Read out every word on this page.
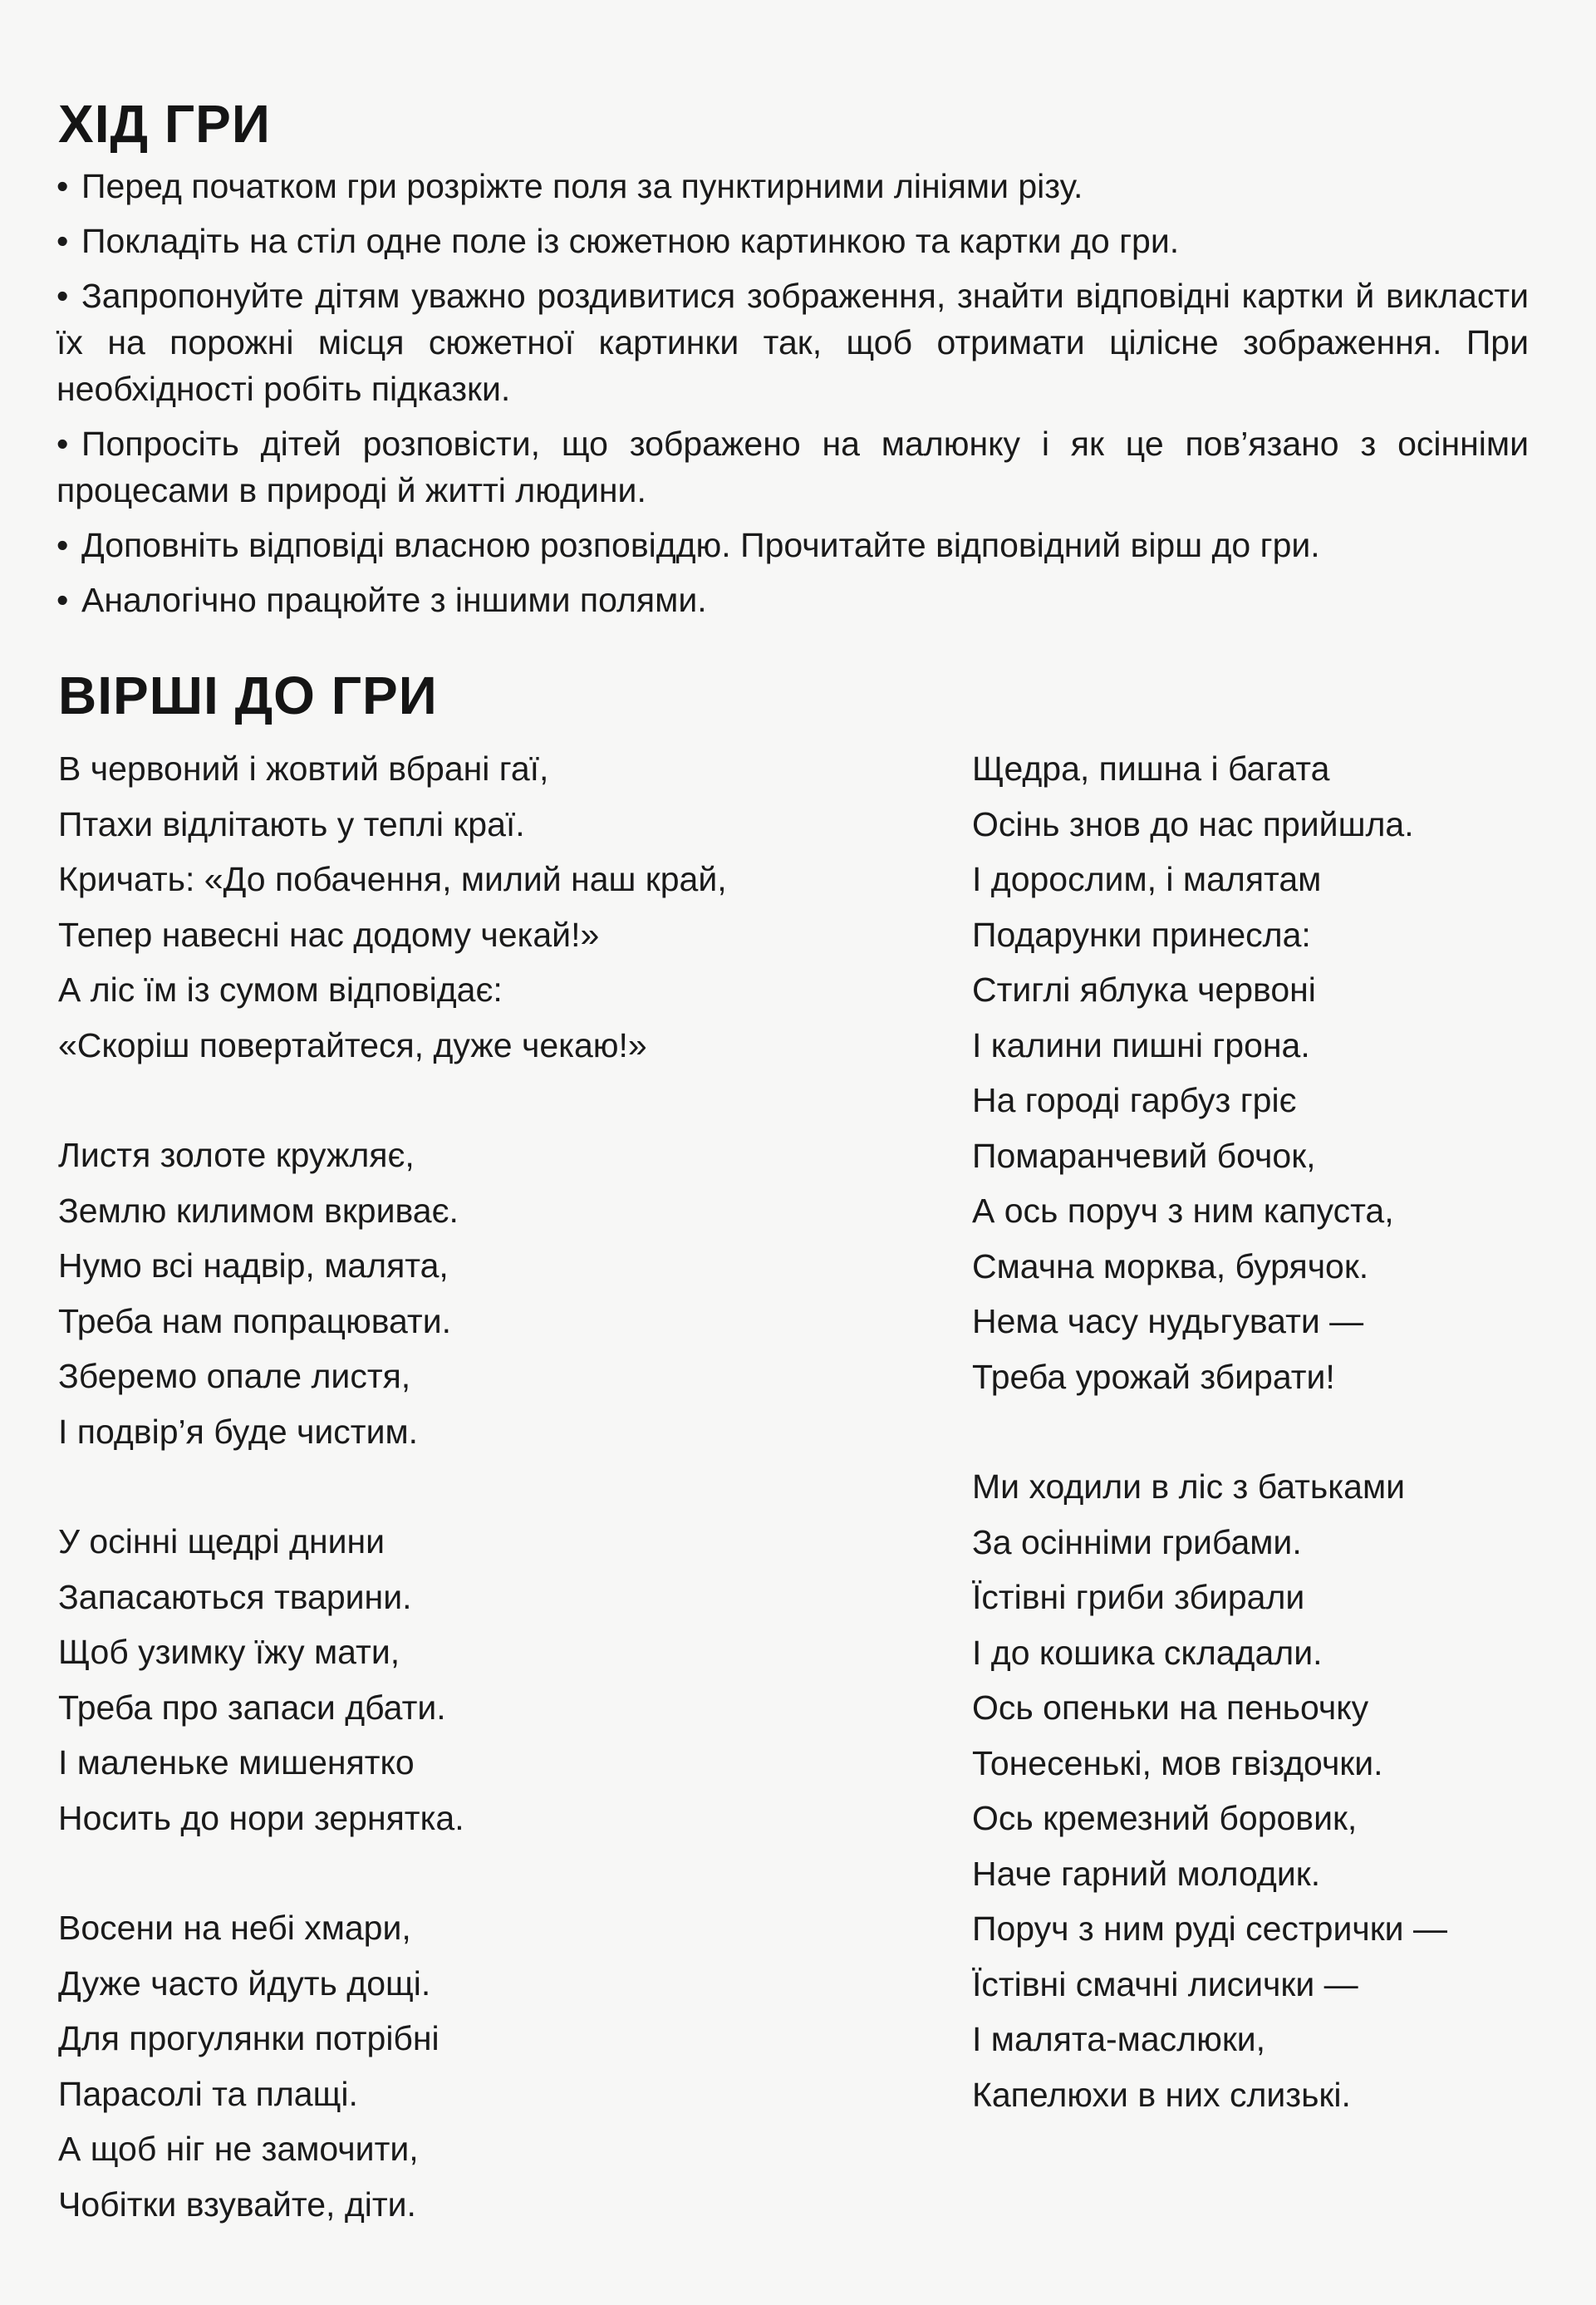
ХІД ГРИ

• Перед початком гри розріжте поля за пунктирними лініями різу.

• Покладіть на стіл одне поле із сюжетною картинкою та картки до гри.

• Запропонуйте дітям уважно роздивитися зображення, знайти відповідні картки й викласти їх на порожні місця сюжетної картинки так, щоб отримати цілісне зображення. При необхідності робіть підказки.

• Попросіть дітей розповісти, що зображено на малюнку і як це пов’язано з осінніми процесами в природі й житті людини.

• Доповніть відповіді власною розповіддю. Прочитайте відповідний вірш до гри.

• Аналогічно працюйте з іншими полями.

ВІРШІ ДО ГРИ
В червоний і жовтий вбрані гаї,
Птахи відлітають у теплі краї.
Кричать: «До побачення, милий наш край,
Тепер навесні нас додому чекай!»
А ліс їм із сумом відповідає:
«Скоріш повертайтеся, дуже чекаю!»
Листя золоте кружляє,
Землю килимом вкриває.
Нумо всі надвір, малята,
Треба нам попрацювати.
Зберемо опале листя,
І подвір’я буде чистим.
У осінні щедрі днини
Запасаються тварини.
Щоб узимку їжу мати,
Треба про запаси дбати.
І маленьке мишенятко
Носить до нори зернятка.
Восени на небі хмари,
Дуже часто йдуть дощі.
Для прогулянки потрібні
Парасолі та плащі.
А щоб ніг не замочити,
Чобітки взувайте, діти.
Щедра, пишна і багата
Осінь знов до нас прийшла.
І дорослим, і малятам
Подарунки принесла:
Стиглі яблука червоні
І калини пишні грона.
На городі гарбуз гріє
Помаранчевий бочок,
А ось поруч з ним капуста,
Смачна морква, бурячок.
Нема часу нудьгувати —
Треба урожай збирати!
Ми ходили в ліс з батьками
За осінніми грибами.
Їстівні гриби збирали
І до кошика складали.
Ось опеньки на пеньочку
Тонесенькі, мов гвіздочки.
Ось кремезний боровик,
Наче гарний молодик.
Поруч з ним руді сестрички —
Їстівні смачні лисички —
І малята-маслюки,
Капелюхи в них слизькі.
